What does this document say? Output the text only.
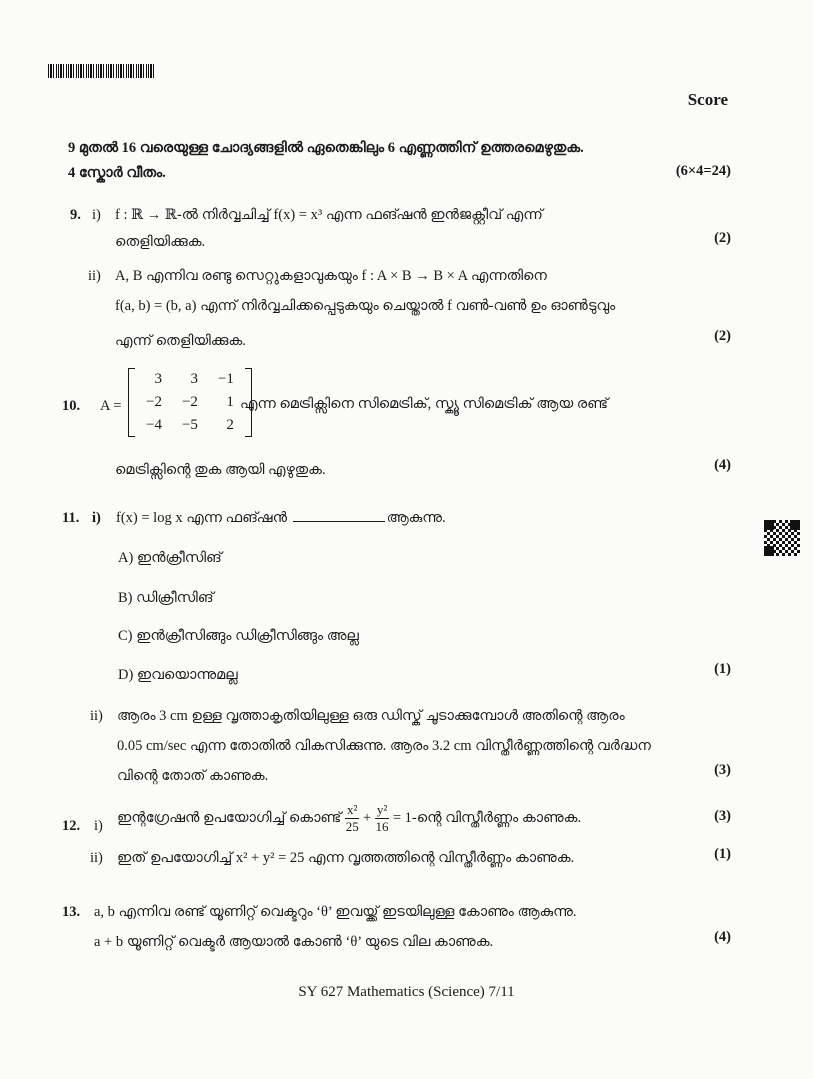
Score
9 മുതൽ 16 വരെയുള്ള ചോദ്യങ്ങളിൽ ഏതെങ്കിലും 6 എണ്ണത്തിന് ഉത്തരമെഴുതുക.
4 സ്കോർ വീതം.	(6×4=24)
9. i) f : ℝ → ℝ-ൽ നിർവ്വചിച്ച് f(x) = x³ എന്ന ഫങ്ഷൻ ഇൻജക്റ്റീവ് എന്ന്
തെളിയിക്കുക.	(2)
ii) A, B എന്നിവ രണ്ടു സെറ്റുകളാവുകയും f : A × B → B × A എന്നതിനെ
f(a, b) = (b, a) എന്ന് നിർവ്വചിക്കപ്പെടുകയും ചെയ്താൽ f വൺ-വൺ ഉം ഓൺടുവും
എന്ന് തെളിയിക്കുക.	(2)
10. A =
3	3	−1
−2	−2	1
−4	−5	2
എന്ന മെട്രിക്സിനെ സിമെട്രിക്, സ്ക്യൂ സിമെട്രിക് ആയ രണ്ട്
മെട്രിക്സിന്റെ തുക ആയി എഴുതുക.	(4)
11. i) f(x) = log x എന്ന ഫങ്ഷൻ	ആകുന്നു.
A) ഇൻക്രീസിങ്
B) ഡിക്രീസിങ്
C) ഇൻക്രീസിങ്ങും ഡിക്രീസിങ്ങും അല്ല
D) ഇവയൊന്നുമല്ല	(1)
ii) ആരം 3 cm ഉള്ള വൃത്താകൃതിയിലുള്ള ഒരു ഡിസ്ക് ചൂടാക്കുമ്പോൾ അതിന്റെ ആരം
0.05 cm/sec എന്ന തോതിൽ വികസിക്കുന്നു. ആരം 3.2 cm വിസ്തീർണ്ണത്തിന്റെ വർദ്ധന
വിന്റെ തോത് കാണുക.	(3)
12. i)
ഇന്റഗ്രേഷൻ ഉപയോഗിച്ച് കൊണ്ട് $\frac{\text{x²}}{25} + \frac{\text{y²}}{16}$ = 1-ന്റെ വിസ്തീർണ്ണം കാണുക.	(3)
ii) ഇത് ഉപയോഗിച്ച് x² + y² = 25 എന്ന വൃത്തത്തിന്റെ വിസ്തീർണ്ണം കാണുക.	(1)
13. a, b എന്നിവ രണ്ട് യൂണിറ്റ് വെക്ടറും ‘θ’ ഇവയ്ക്ക് ഇടയിലുള്ള കോണും ആകുന്നു.
a + b യൂണിറ്റ് വെക്ടർ ആയാൽ കോൺ ‘θ’ യുടെ വില കാണുക.	(4)
SY 627 Mathematics (Science) 7/11
